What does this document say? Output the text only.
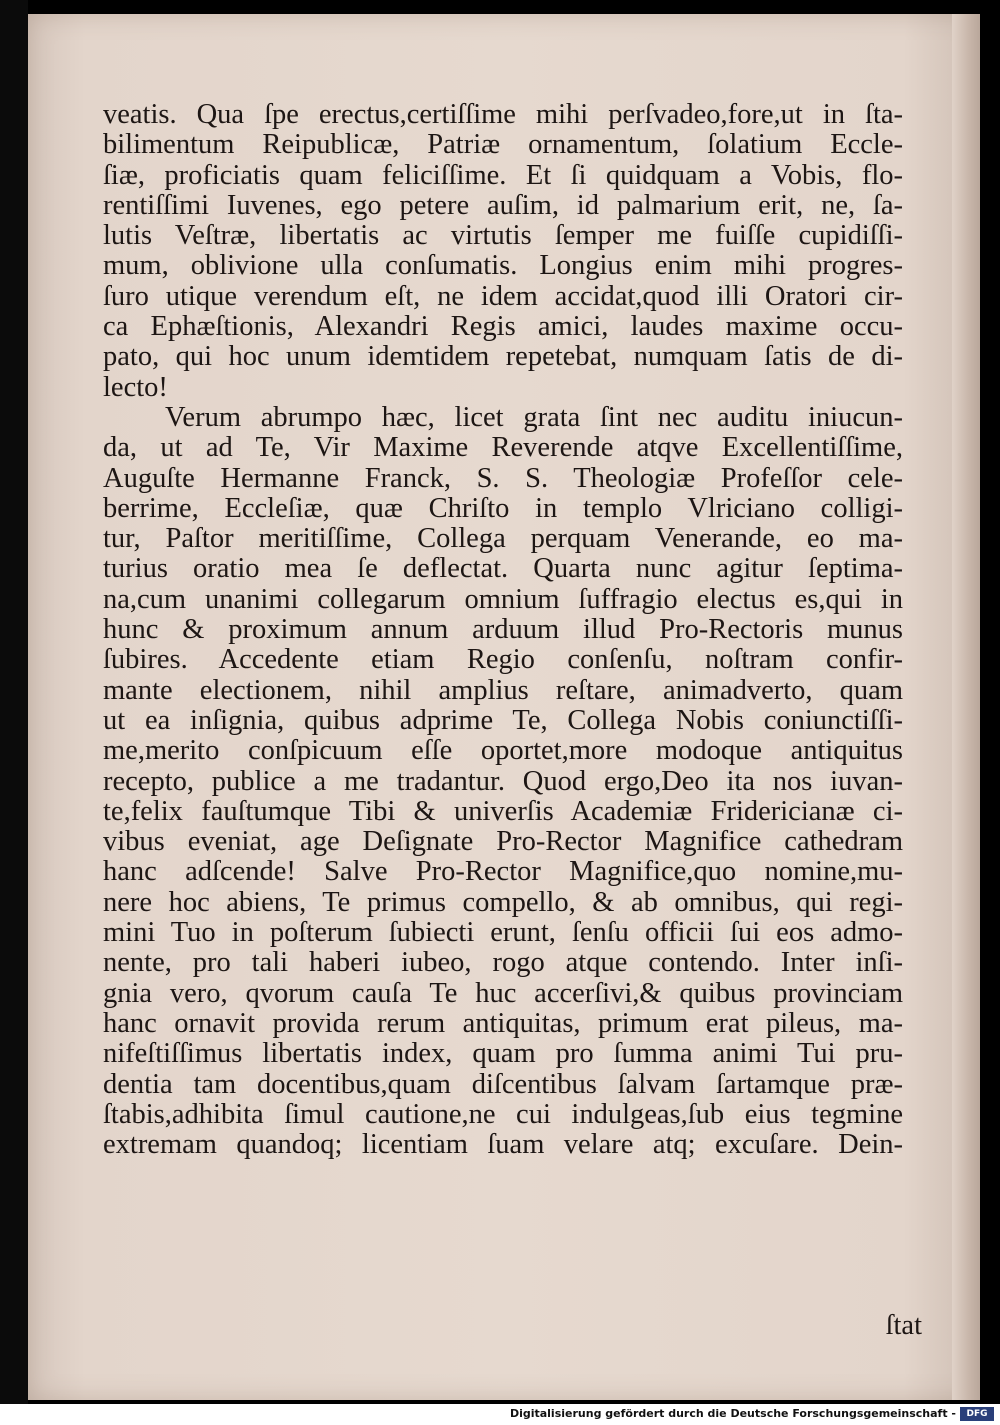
veatis. Qua ſpe erectus,certiſſime mihi perſvadeo,fore,ut in ſta-
bilimentum Reipublicæ, Patriæ ornamentum, ſolatium Eccle-
ſiæ, proficiatis quam feliciſſime. Et ſi quidquam a Vobis, flo-
rentiſſimi Iuvenes, ego petere auſim, id palmarium erit, ne, ſa-
lutis Veſtræ, libertatis ac virtutis ſemper me fuiſſe cupidiſſi-
mum, oblivione ulla conſumatis. Longius enim mihi progres-
ſuro utique verendum eſt, ne idem accidat,quod illi Oratori cir-
ca Ephæſtionis, Alexandri Regis amici, laudes maxime occu-
pato, qui hoc unum idemtidem repetebat, numquam ſatis de di-
lecto!
Verum abrumpo hæc, licet grata ſint nec auditu iniucun-
da, ut ad Te, Vir Maxime Reverende atqve Excellentiſſime,
Auguſte Hermanne Franck, S. S. Theologiæ Profeſſor cele-
berrime, Eccleſiæ, quæ Chriſto in templo Vlriciano colligi-
tur, Paſtor meritiſſime, Collega perquam Venerande, eo ma-
turius oratio mea ſe deflectat. Quarta nunc agitur ſeptima-
na,cum unanimi collegarum omnium ſuffragio electus es,qui in
hunc & proximum annum arduum illud Pro-Rectoris munus
ſubires. Accedente etiam Regio conſenſu, noſtram confir-
mante electionem, nihil amplius reſtare, animadverto, quam
ut ea inſignia, quibus adprime Te, Collega Nobis coniunctiſſi-
me,merito conſpicuum eſſe oportet,more modoque antiquitus
recepto, publice a me tradantur. Quod ergo,Deo ita nos iuvan-
te,felix fauſtumque Tibi & univerſis Academiæ Fridericianæ ci-
vibus eveniat, age Deſignate Pro-Rector Magnifice cathedram
hanc adſcende! Salve Pro-Rector Magnifice,quo nomine,mu-
nere hoc abiens, Te primus compello, & ab omnibus, qui regi-
mini Tuo in poſterum ſubiecti erunt, ſenſu officii ſui eos admo-
nente, pro tali haberi iubeo, rogo atque contendo. Inter inſi-
gnia vero, qvorum cauſa Te huc accerſivi,& quibus provinciam
hanc ornavit provida rerum antiquitas, primum erat pileus, ma-
nifeſtiſſimus libertatis index, quam pro ſumma animi Tui pru-
dentia tam docentibus,quam diſcentibus ſalvam ſartamque præ-
ſtabis,adhibita ſimul cautione,ne cui indulgeas,ſub eius tegmine
extremam quandoq; licentiam ſuam velare atq; excuſare. Dein-
ſtat
Digitalisierung gefördert durch die Deutsche Forschungsgemeinschaft -	DFG
